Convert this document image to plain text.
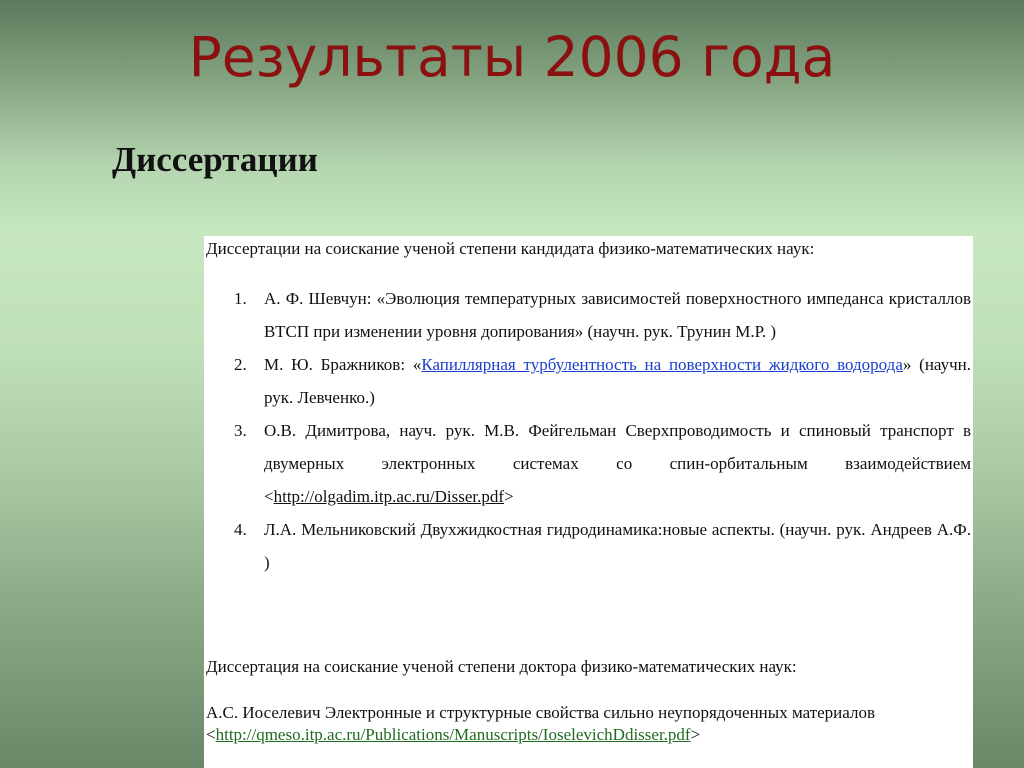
Результаты 2006 года
Диссертации
Диссертации на соискание ученой степени кандидата физико-математических наук:
1. А. Ф. Шевчун: «Эволюция температурных зависимостей поверхностного импеданса кристаллов ВТСП при изменении уровня допирования» (научн. рук. Трунин М.Р. )
2. М. Ю. Бражников: «Капиллярная турбулентность на поверхности жидкого водорода» (научн. рук. Левченко.)
3. О.В. Димитрова, науч. рук. М.В. Фейгельман Сверхпроводимость и спиновый транспорт в двумерных электронных системах со спин-орбитальным взаимодействием <http://olgadim.itp.ac.ru/Disser.pdf>
4. Л.А. Мельниковский Двухжидкостная гидродинамика:новые аспекты. (научн. рук. Андреев А.Ф. )
Диссертация на соискание ученой степени доктора физико-математических наук:
А.С. Иоселевич Электронные и структурные свойства сильно неупорядоченных материалов <http://qmeso.itp.ac.ru/Publications/Manuscripts/IoselevichDdisser.pdf>
